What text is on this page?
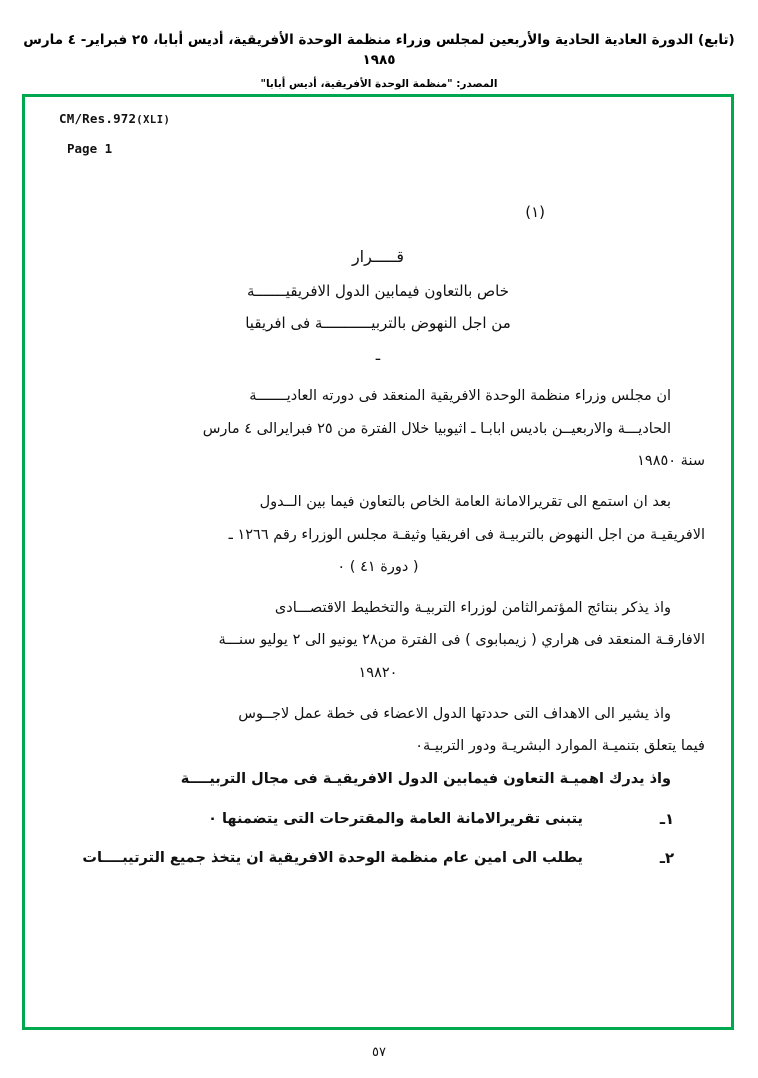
(تابع) الدورة العادية الحادية والأربعين لمجلس وزراء منظمة الوحدة الأفريقية، أديس أبابا، ٢٥ فبراير- ٤ مارس ١٩٨٥
المصدر: "منظمة الوحدة الأفريقية، أديس أبابا"
CM/Res.972(XLI)
Page 1
(١)
قـــــرار
خاص بالتعاون فيمابين الدول الافريقيـــــــة
من اجل النهوض بالتربيـــــــــــة فى افريقيا
ـ

ان مجلس وزراء منظمة الوحدة الافريقية المنعقد فى دورته العاديـــــــة

الحاديـــة والاربعيــن باديس ابابـا ـ اثيوبيا خلال الفترة من ٢٥ فبرايرالى ٤ مارس

سنة ١٩٨٥٠

بعد ان استمع الى تقريرالامانة العامة الخاص بالتعاون فيما بين الــدول

الافريقيـة من اجل النهوض بالتربيـة فى افريقيا وثيقـة مجلس الوزراء رقم ١٢٦٦ ـ

( دورة ٤١ ) ٠

واذ يذكر بنتائج المؤتمرالثامن لوزراء التربيـة والتخطيط الاقتصـــادى

الافارقـة المنعقد فى هراري ( زيمبابوى ) فى الفترة من٢٨ يونيو الى ٢ يوليو سنـــة

١٩٨٢٠

واذ يشير الى الاهداف التى حددتها الدول الاعضاء فى خطة عمل لاجــوس

فيما يتعلق بتنميـة الموارد البشريـة ودور التربيـة٠

واذ يدرك اهميـة التعاون فيمابين الدول الافريقيـة فى مجال التربيــــة

١ـ
يتبنى تقريرالامانة العامة والمقترحات التى يتضمنها ٠
٢ـ
يطلب الى امين عام منظمة الوحدة الافريقية ان يتخذ جميع الترتيبــــات
٥٧
